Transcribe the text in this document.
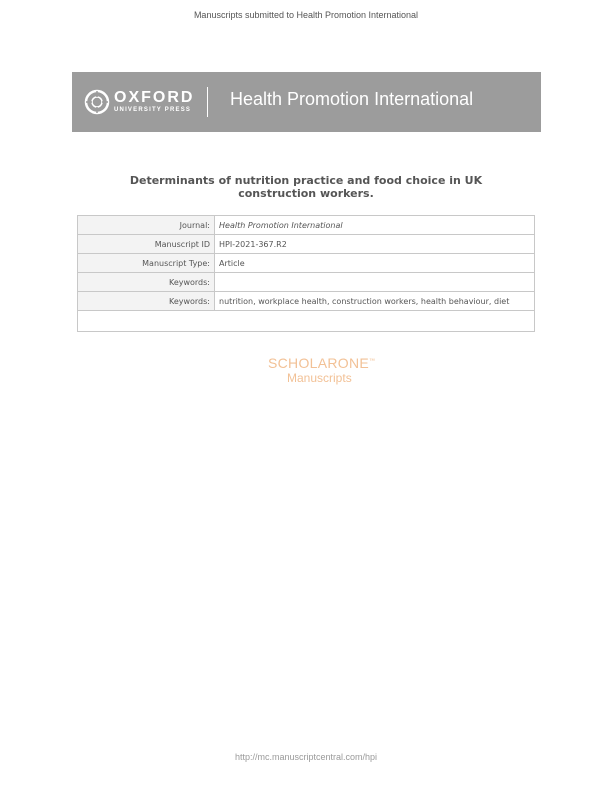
Manuscripts submitted to Health Promotion International
OXFORD
UNIVERSITY PRESS
Health Promotion International
Determinants of nutrition practice and food choice in UK
construction workers.
Journal:	Health Promotion International
Manuscript ID	HPI-2021-367.R2
Manuscript Type:	Article
Keywords:	
Keywords:	nutrition, workplace health, construction workers, health behaviour, diet

SCHOLARONE™
Manuscripts
http://mc.manuscriptcentral.com/hpi
